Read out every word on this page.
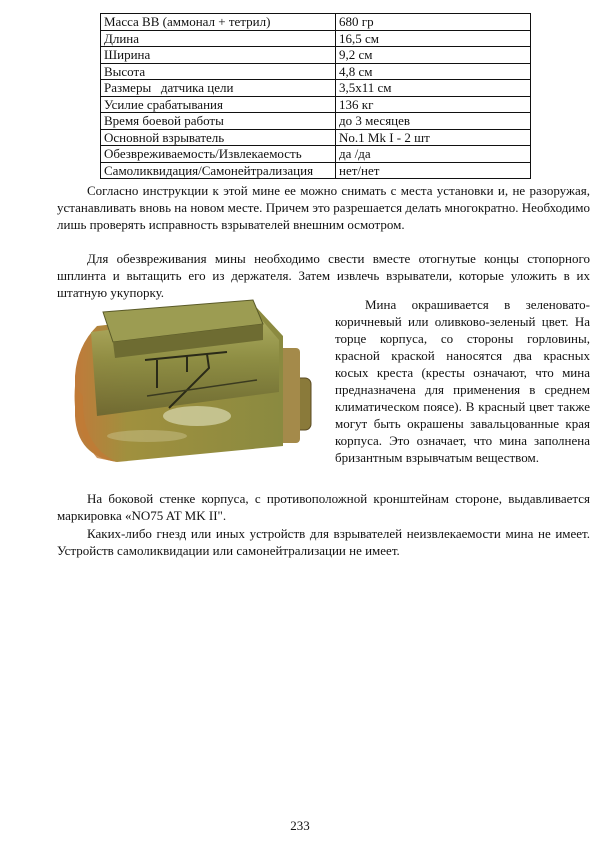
Масса ВВ (аммонал + тетрил)	680 гр
Длина	16,5 см
Ширина	9,2 см
Высота	4,8 см
Размеры   датчика цели	3,5х11 см
Усилие срабатывания	136 кг
Время боевой работы	до 3 месяцев
Основной взрыватель	No.1 Mk I - 2 шт
Обезвреживаемость/Извлекаемость	да /да
Самоликвидация/Самонейтрализация	нет/нет

Согласно инструкции к этой мине ее можно снимать с места установки и, не разоружая, устанавливать вновь на новом месте. Причем это разрешается делать многократно. Необходимо лишь проверять исправность взрывателей внешним осмотром.

Для обезвреживания мины необходимо свести вместе отогнутые концы стопорного шплинта и вытащить его из держателя. Затем извлечь взрыватели, которые уложить в их штатную укупорку.

Мина окрашивается в зеленовато-коричневый или оливково-зеленый цвет. На торце корпуса, со стороны горловины, красной краской наносятся два красных косых креста (кресты означают, что мина предназначена для применения в среднем климатическом поясе). В красный цвет также могут быть окрашены завальцованные края корпуса. Это означает, что мина заполнена бризантным взрывчатым веществом.

На боковой стенке корпуса, с противоположной кронштейнам стороне, выдавливается маркировка «NO75 AT MK II".

Каких-либо гнезд или иных устройств для взрывателей неизвлекаемости мина не имеет. Устройств самоликвидации или самонейтрализации не имеет.

233
